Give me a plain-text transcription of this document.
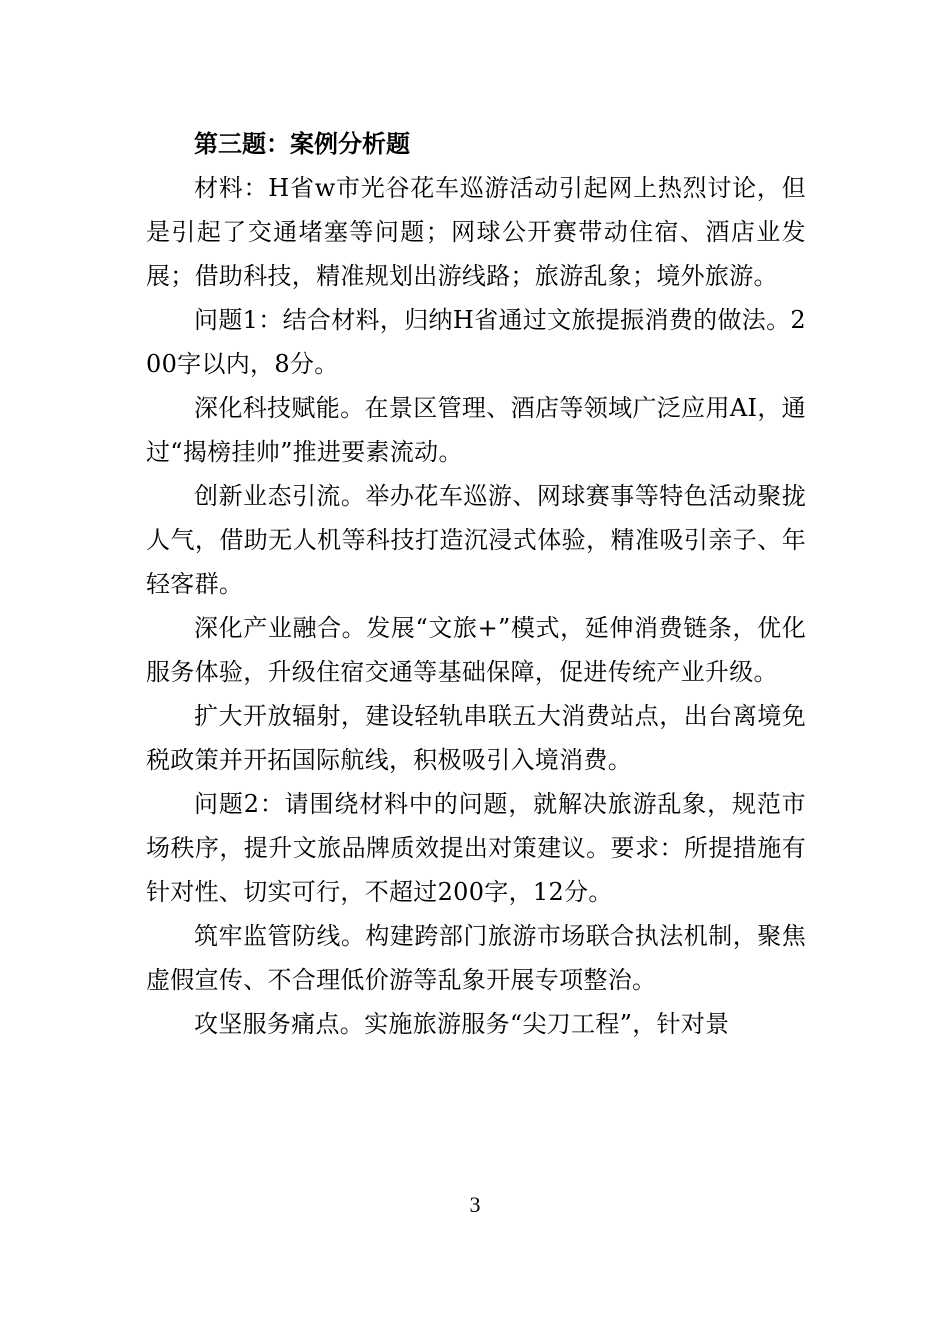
第三题：案例分析题

材料：H省w市光谷花车巡游活动引起网上热烈讨论，但是引起了交通堵塞等问题；网球公开赛带动住宿、酒店业发展；借助科技，精准规划出游线路；旅游乱象；境外旅游。

问题1：结合材料，归纳H省通过文旅提振消费的做法。200字以内，8分。

深化科技赋能。在景区管理、酒店等领域广泛应用AI，通过“揭榜挂帅”推进要素流动。

创新业态引流。举办花车巡游、网球赛事等特色活动聚拢人气，借助无人机等科技打造沉浸式体验，精准吸引亲子、年轻客群。

深化产业融合。发展“文旅+”模式，延伸消费链条，优化服务体验，升级住宿交通等基础保障，促进传统产业升级。

扩大开放辐射，建设轻轨串联五大消费站点，出台离境免税政策并开拓国际航线，积极吸引入境消费。

问题2：请围绕材料中的问题，就解决旅游乱象，规范市场秩序，提升文旅品牌质效提出对策建议。要求：所提措施有针对性、切实可行，不超过200字，12分。

筑牢监管防线。构建跨部门旅游市场联合执法机制，聚焦虚假宣传、不合理低价游等乱象开展专项整治。

攻坚服务痛点。实施旅游服务“尖刀工程”，针对景

3
